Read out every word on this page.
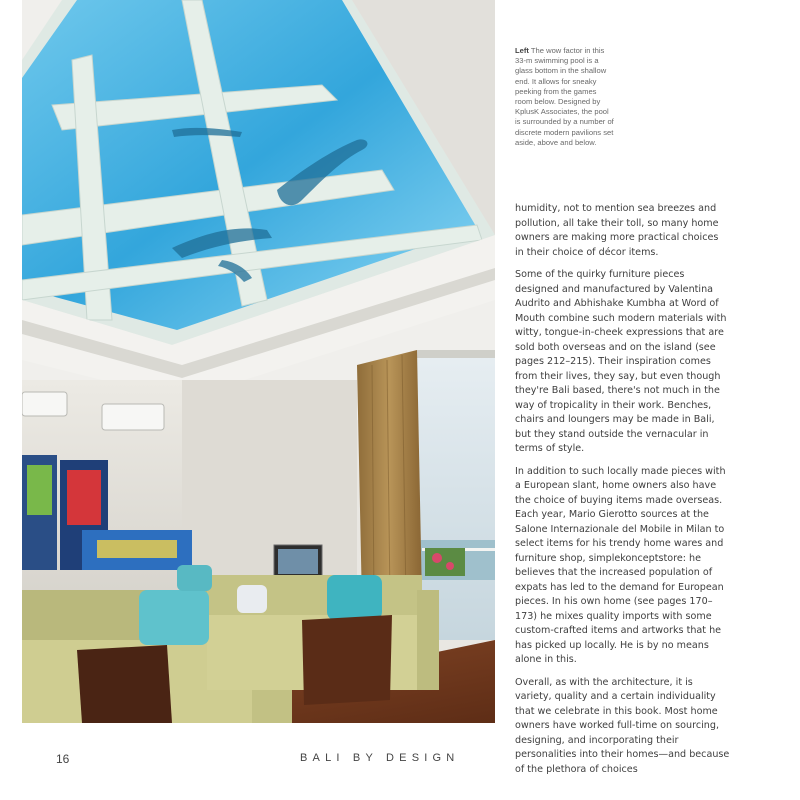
Left The wow factor in this 33-m swimming pool is a glass bottom in the shallow end. It allows for sneaky peeking from the games room below. Designed by KplusK Associates, the pool is surrounded by a number of discrete modern pavilions set aside, above and below.

humidity, not to mention sea breezes and pollution, all take their toll, so many home owners are making more practical choices in their choice of décor items.

Some of the quirky furniture pieces designed and manufactured by Valentina Audrito and Abhishake Kumbha at Word of Mouth combine such modern materials with witty, tongue-in-cheek expressions that are sold both overseas and on the island (see pages 212–215). Their inspiration comes from their lives, they say, but even though they're Bali based, there's not much in the way of tropicality in their work. Benches, chairs and loungers may be made in Bali, but they stand outside the vernacular in terms of style.

In addition to such locally made pieces with a European slant, home owners also have the choice of buying items made overseas. Each year, Mario Gierotto sources at the Salone Internazionale del Mobile in Milan to select items for his trendy home wares and furniture shop, simplekonceptstore: he believes that the increased population of expats has led to the demand for European pieces. In his own home (see pages 170–173) he mixes quality imports with some custom-crafted items and artworks that he has picked up locally. He is by no means alone in this.

Overall, as with the architecture, it is variety, quality and a certain individuality that we celebrate in this book. Most home owners have worked full-time on sourcing, designing, and incorporating their personalities into their homes—and because of the plethora of choices

16	BALI BY DESIGN
